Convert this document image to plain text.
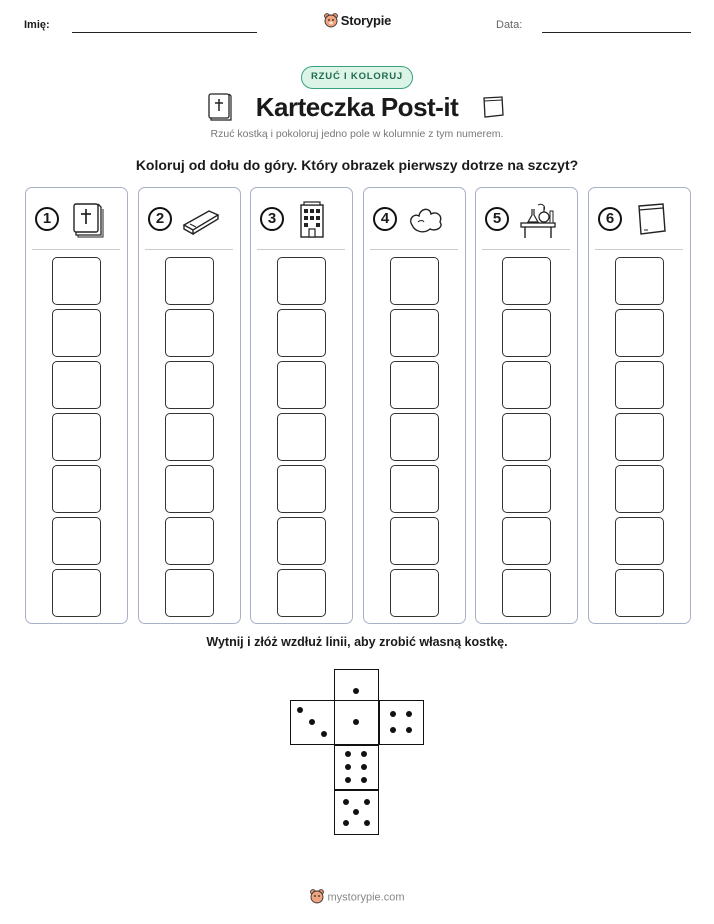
Imię:	Storypie	Data:
RZUĆ I KOLORUJ
Karteczka Post-it
Rzuć kostką i pokoloruj jedno pole w kolumnie z tym numerem.
Koloruj od dołu do góry. Który obrazek pierwszy dotrze na szczyt?
1	2	3	4	5	6
Wytnij i złóż wzdłuż linii, aby zrobić własną kostkę.
mystorypie.com
